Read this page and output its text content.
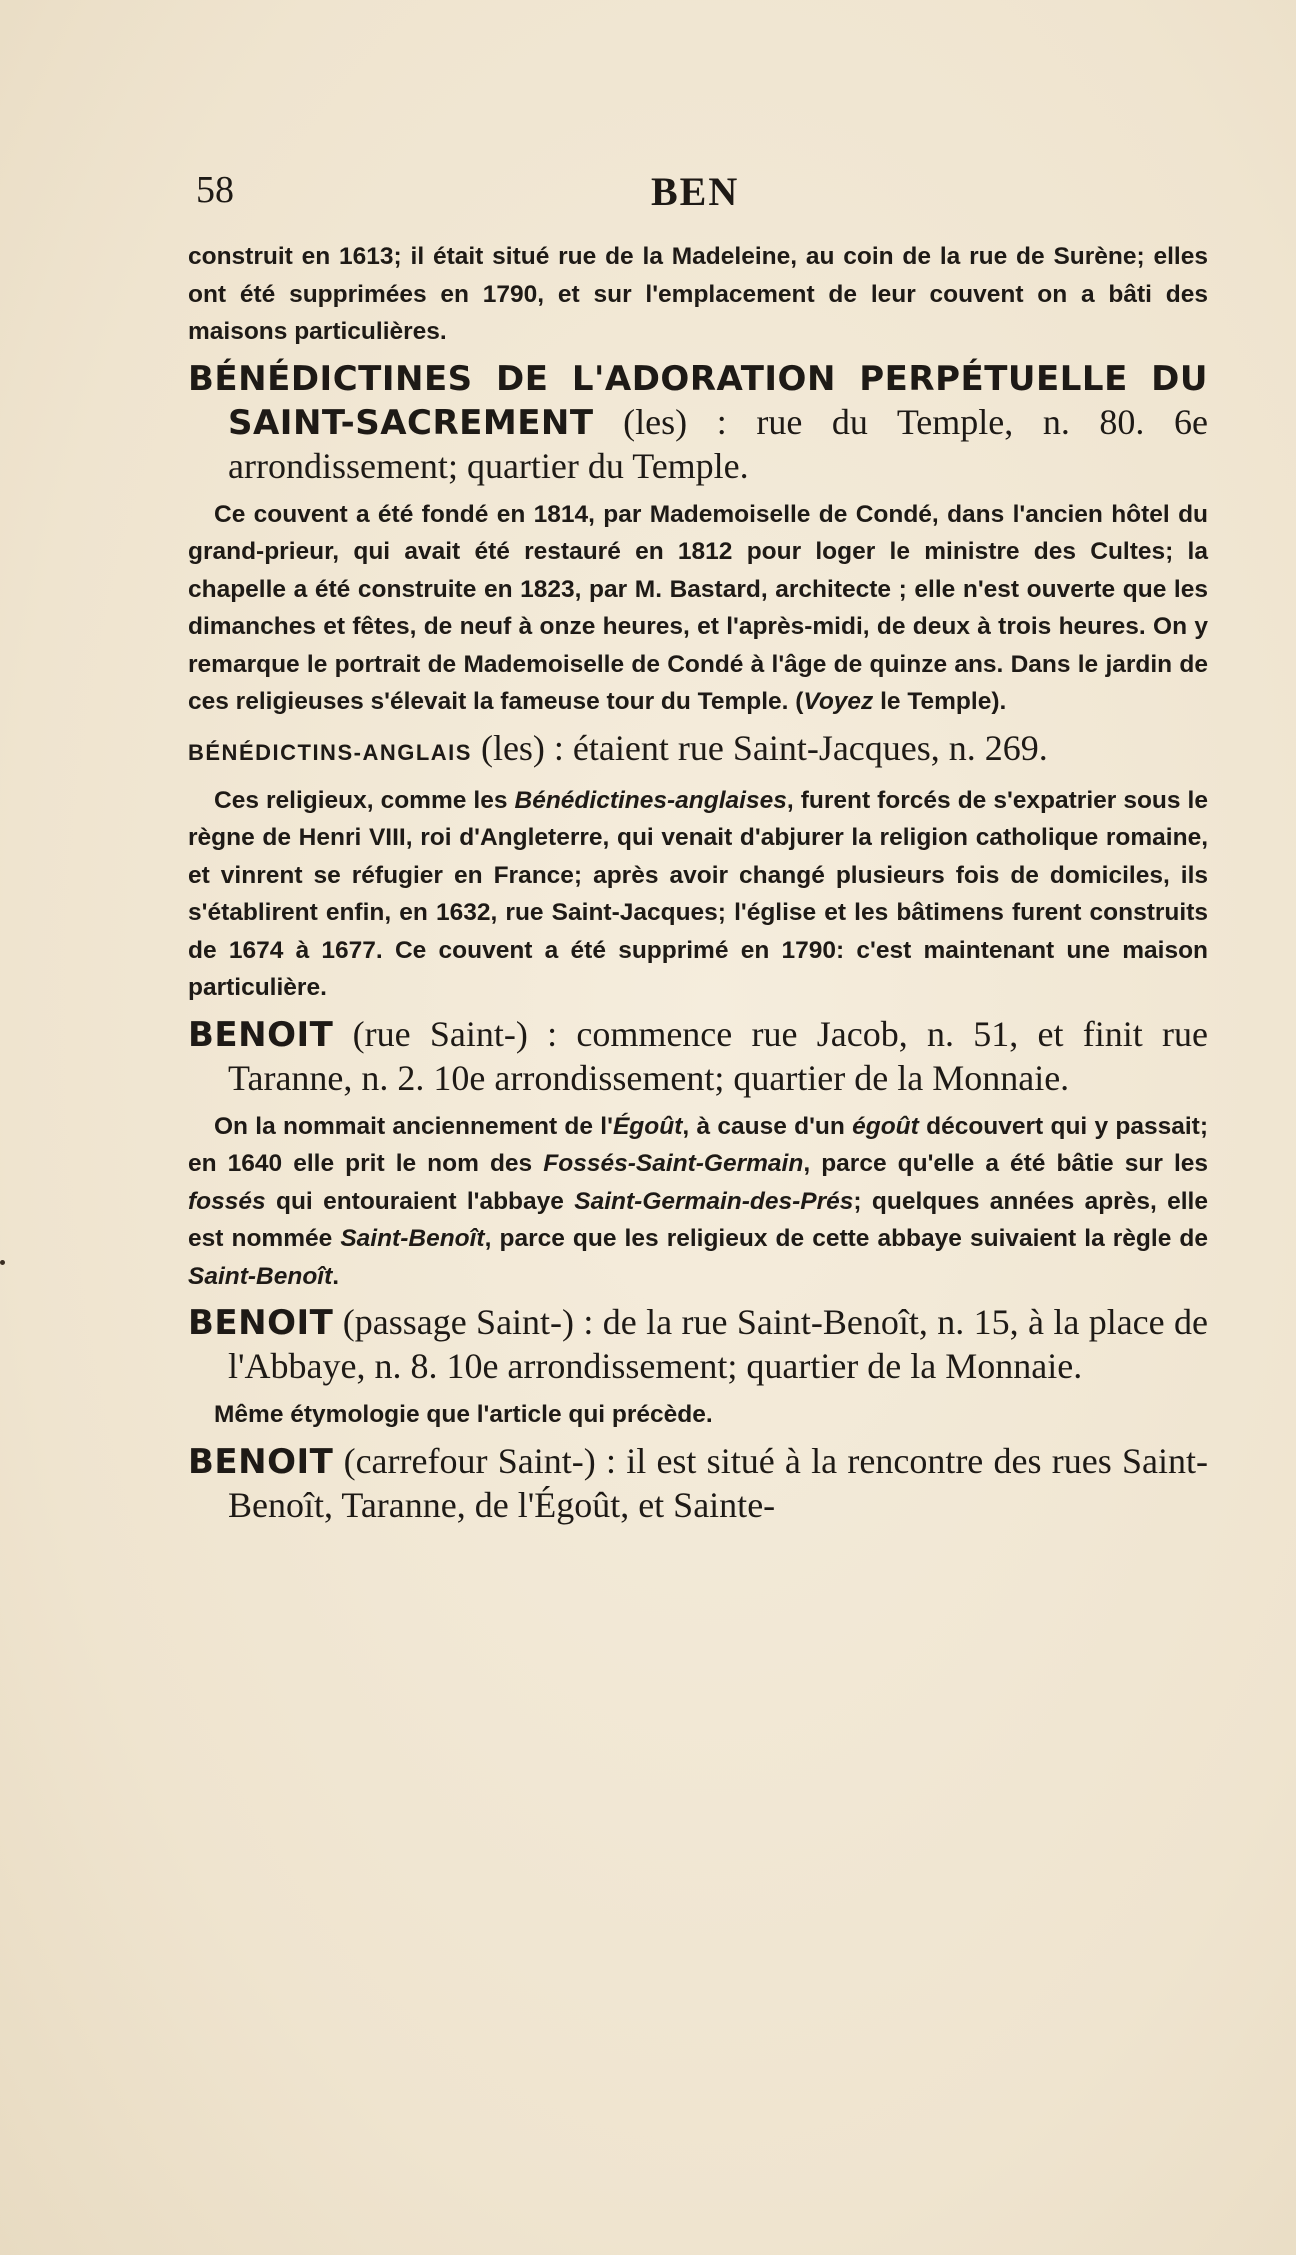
58	BEN

construit en 1613; il était situé rue de la Madeleine, au coin de la rue de Surène; elles ont été supprimées en 1790, et sur l'emplacement de leur couvent on a bâti des maisons particulières.

BÉNÉDICTINES DE L'ADORATION PERPÉTUELLE DU SAINT-SACREMENT (les) : rue du Temple, n. 80. 6e arrondissement; quartier du Temple.

Ce couvent a été fondé en 1814, par Mademoiselle de Condé, dans l'ancien hôtel du grand-prieur, qui avait été restauré en 1812 pour loger le ministre des Cultes; la chapelle a été construite en 1823, par M. Bastard, architecte ; elle n'est ouverte que les dimanches et fêtes, de neuf à onze heures, et l'après-midi, de deux à trois heures. On y remarque le portrait de Mademoiselle de Condé à l'âge de quinze ans. Dans le jardin de ces religieuses s'élevait la fameuse tour du Temple. (Voyez le Temple).

BÉNÉDICTINS-ANGLAIS (les) : étaient rue Saint-Jacques, n. 269.

Ces religieux, comme les Bénédictines-anglaises, furent forcés de s'expatrier sous le règne de Henri VIII, roi d'Angleterre, qui venait d'abjurer la religion catholique romaine, et vinrent se réfugier en France; après avoir changé plusieurs fois de domiciles, ils s'établirent enfin, en 1632, rue Saint-Jacques; l'église et les bâtimens furent construits de 1674 à 1677. Ce couvent a été supprimé en 1790: c'est maintenant une maison particulière.

BENOIT (rue Saint-) : commence rue Jacob, n. 51, et finit rue Taranne, n. 2. 10e arrondissement; quartier de la Monnaie.

On la nommait anciennement de l'Égoût, à cause d'un égoût découvert qui y passait; en 1640 elle prit le nom des Fossés-Saint-Germain, parce qu'elle a été bâtie sur les fossés qui entouraient l'abbaye Saint-Germain-des-Prés; quelques années après, elle est nommée Saint-Benoît, parce que les religieux de cette abbaye suivaient la règle de Saint-Benoît.

BENOIT (passage Saint-) : de la rue Saint-Benoît, n. 15, à la place de l'Abbaye, n. 8. 10e arrondissement; quartier de la Monnaie.

Même étymologie que l'article qui précède.

BENOIT (carrefour Saint-) : il est situé à la rencontre des rues Saint-Benoît, Taranne, de l'Égoût, et Sainte-
